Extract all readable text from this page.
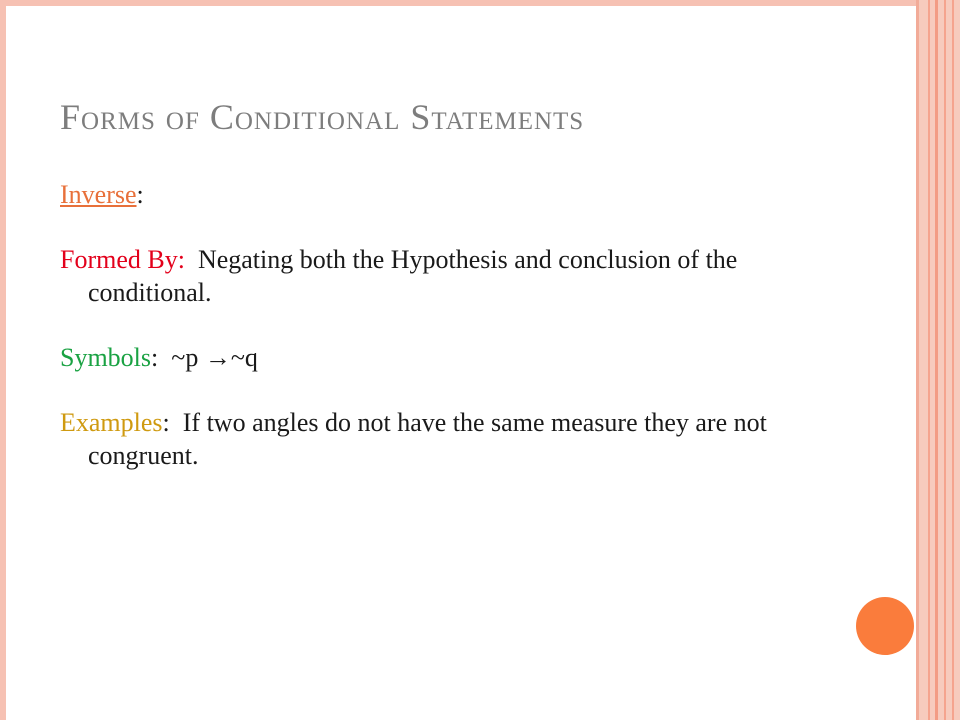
Forms of Conditional Statements

Inverse:

Formed By:  Negating both the Hypothesis and conclusion of the conditional.

Symbols:  ~p →~q

Examples:  If two angles do not have the same measure they are not congruent.
